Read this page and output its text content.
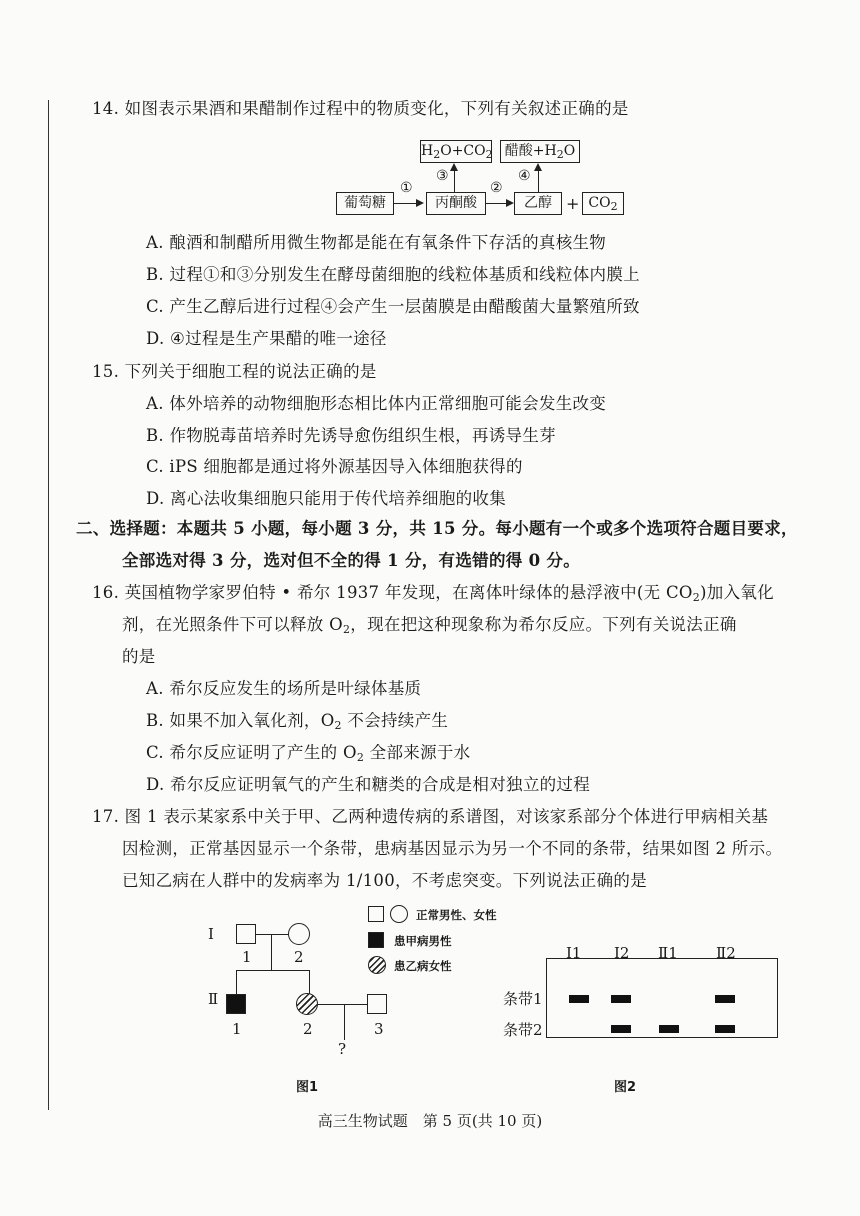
14. 如图表示果酒和果醋制作过程中的物质变化，下列有关叙述正确的是
$H_2O+CO_2$ 醋酸$+H_2O$
③	④
葡萄糖
①
丙酮酸
②
乙醇 + $CO_2$
A. 酿酒和制醋所用微生物都是能在有氧条件下存活的真核生物
B. 过程①和③分别发生在酵母菌细胞的线粒体基质和线粒体内膜上
C. 产生乙醇后进行过程④会产生一层菌膜是由醋酸菌大量繁殖所致
D. ④过程是生产果醋的唯一途径
15. 下列关于细胞工程的说法正确的是
A. 体外培养的动物细胞形态相比体内正常细胞可能会发生改变
B. 作物脱毒苗培养时先诱导愈伤组织生根，再诱导生芽
C. iPS 细胞都是通过将外源基因导入体细胞获得的
D. 离心法收集细胞只能用于传代培养细胞的收集
二、选择题：本题共 5 小题，每小题 3 分，共 15 分。每小题有一个或多个选项符合题目要求，
全部选对得 3 分，选对但不全的得 1 分，有选错的得 0 分。
16. 英国植物学家罗伯特 • 希尔 1937 年发现，在离体叶绿体的悬浮液中(无 $CO_2$)加入氧化
剂，在光照条件下可以释放 $O_2$，现在把这种现象称为希尔反应。下列有关说法正确
的是
A. 希尔反应发生的场所是叶绿体基质
B. 如果不加入氧化剂，$O_2$ 不会持续产生
C. 希尔反应证明了产生的 $O_2$ 全部来源于水
D. 希尔反应证明氧气的产生和糖类的合成是相对独立的过程
17. 图 1 表示某家系中关于甲、乙两种遗传病的系谱图，对该家系部分个体进行甲病相关基
因检测，正常基因显示一个条带，患病基因显示为另一个不同的条带，结果如图 2 所示。
已知乙病在人群中的发病率为 1/100，不考虑突变。下列说法正确的是
Ⅰ
Ⅱ
1	2
1	2	3
?
正常男性、女性
患甲病男性
患乙病女性
图1
Ⅰ1 Ⅰ2 Ⅱ1	Ⅱ2
条带1
条带2
图2
高三生物试题　第 5 页(共 10 页)
